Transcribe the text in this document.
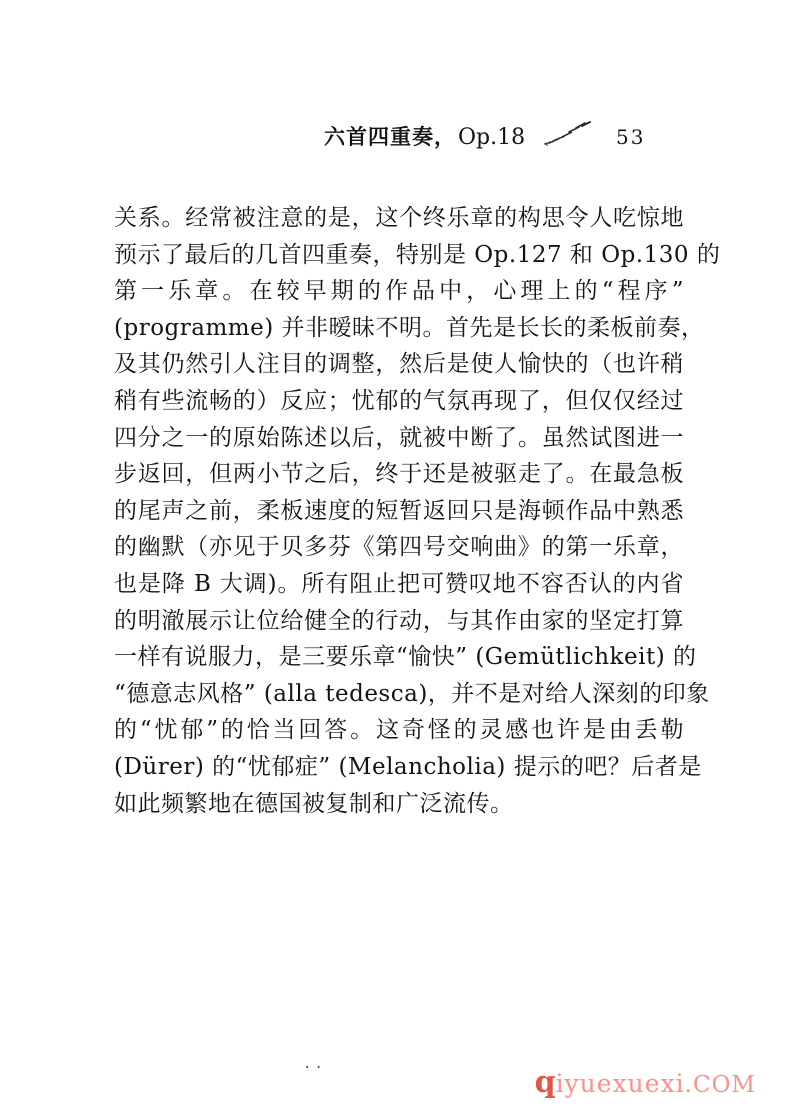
六首四重奏， Op.18	53
关系。经常被注意的是，这个终乐章的构思令人吃惊地
预示了最后的几首四重奏，特别是 Op.127 和 Op.130 的
第一乐章。在较早期的作品中，心理上的“程序”
(programme) 并非暧昧不明。首先是长长的柔板前奏，
及其仍然引人注目的调整，然后是使人愉快的（也许稍
稍有些流畅的）反应；忧郁的气氛再现了，但仅仅经过
四分之一的原始陈述以后，就被中断了。虽然试图进一
步返回，但两小节之后，终于还是被驱走了。在最急板
的尾声之前，柔板速度的短暂返回只是海顿作品中熟悉
的幽默（亦见于贝多芬《第四号交响曲》的第一乐章，
也是降 B 大调)。所有阻止把可赞叹地不容否认的内省
的明澈展示让位给健全的行动，与其作由家的坚定打算
一样有说服力，是三要乐章“愉快” (Gemütlichkeit) 的
“德意志风格” (alla tedesca)，并不是对给人深刻的印象
的“忧郁”的恰当回答。这奇怪的灵感也许是由丢勒
(Dürer) 的“忧郁症” (Melancholia) 提示的吧？后者是
如此频繁地在德国被复制和广泛流传。
..
q iyuexuexi .COM
